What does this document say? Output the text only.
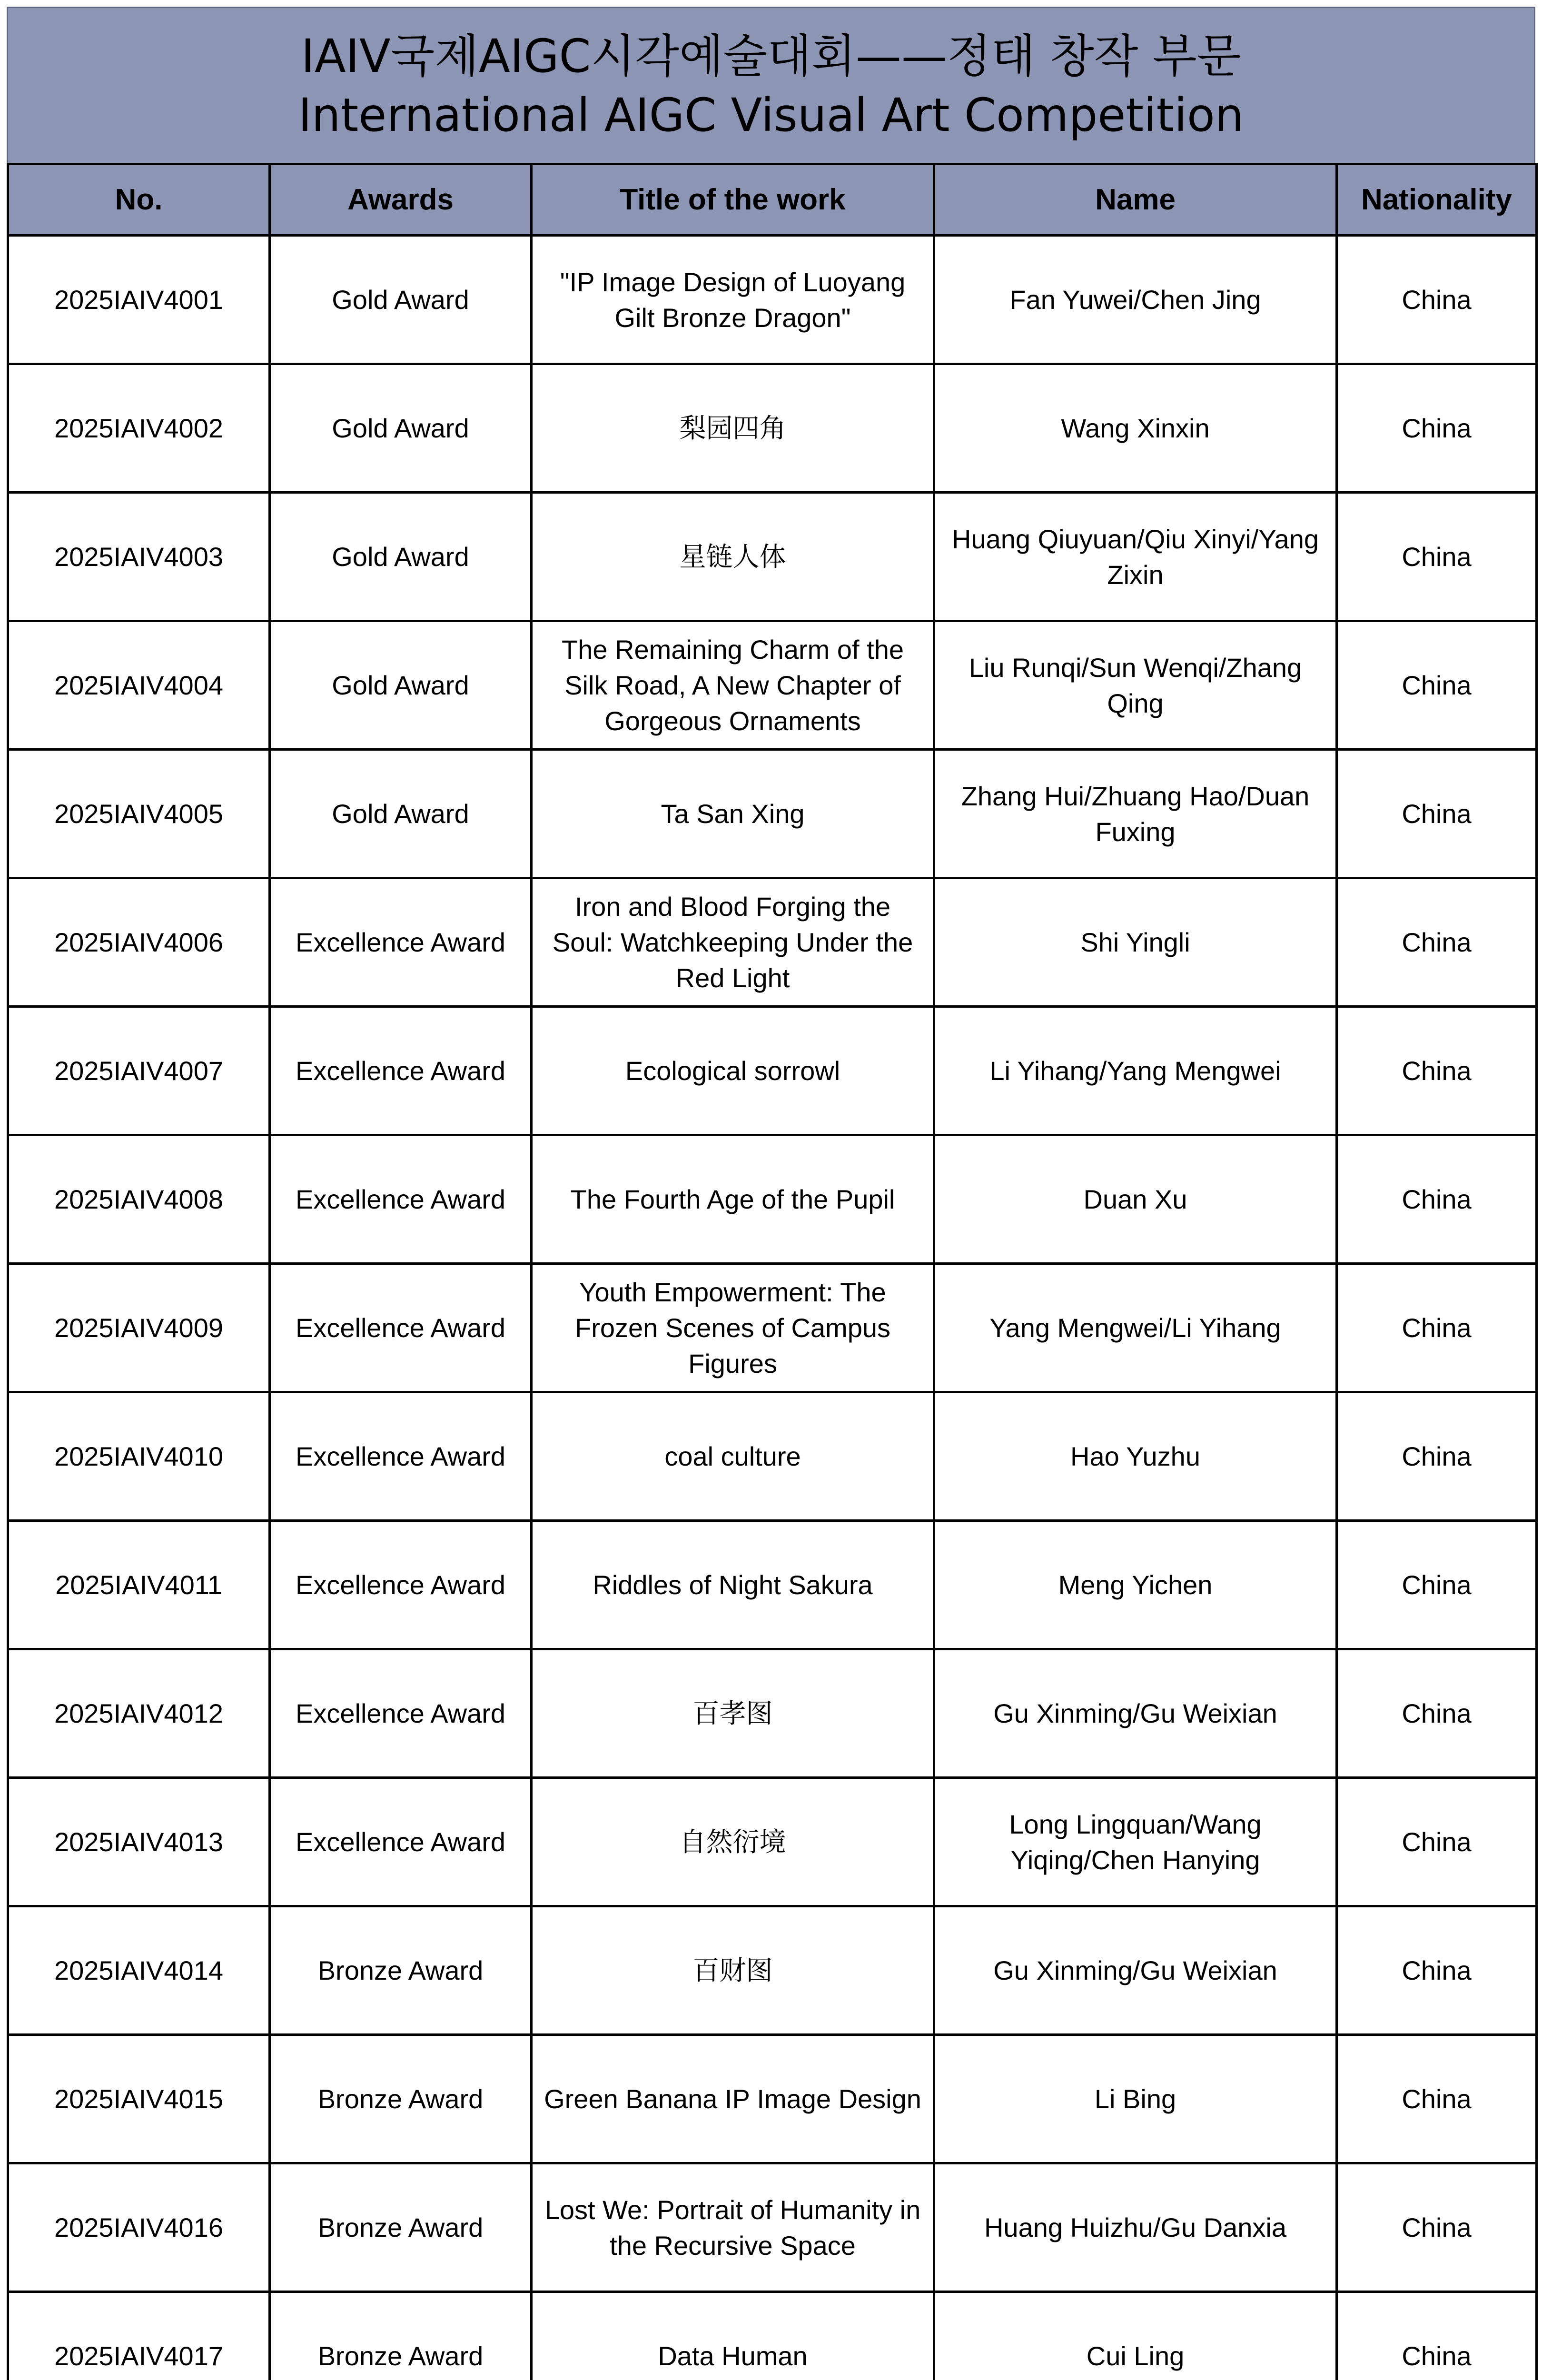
IAIV국제AIGC시각예술대회——정태 창작 부문
International AIGC Visual Art Competition
No.	Awards	Title of the work	Name	Nationality
2025IAIV4001	Gold Award	"IP Image Design of Luoyang Gilt Bronze Dragon"	Fan Yuwei/Chen Jing	China
2025IAIV4002	Gold Award	梨园四角	Wang Xinxin	China
2025IAIV4003	Gold Award	星链人体	Huang Qiuyuan/Qiu Xinyi/Yang Zixin	China
2025IAIV4004	Gold Award	The Remaining Charm of the Silk Road, A New Chapter of Gorgeous Ornaments	Liu Runqi/Sun Wenqi/Zhang Qing	China
2025IAIV4005	Gold Award	Ta San Xing	Zhang Hui/Zhuang Hao/Duan Fuxing	China
2025IAIV4006	Excellence Award	Iron and Blood Forging the Soul: Watchkeeping Under the Red Light	Shi Yingli	China
2025IAIV4007	Excellence Award	Ecological sorrowl	Li Yihang/Yang Mengwei	China
2025IAIV4008	Excellence Award	The Fourth Age of the Pupil	Duan Xu	China
2025IAIV4009	Excellence Award	Youth Empowerment: The Frozen Scenes of Campus Figures	Yang Mengwei/Li Yihang	China
2025IAIV4010	Excellence Award	coal culture	Hao Yuzhu	China
2025IAIV4011	Excellence Award	Riddles of Night Sakura	Meng Yichen	China
2025IAIV4012	Excellence Award	百孝图	Gu Xinming/Gu Weixian	China
2025IAIV4013	Excellence Award	自然衍境	Long Lingquan/Wang Yiqing/Chen Hanying	China
2025IAIV4014	Bronze Award	百财图	Gu Xinming/Gu Weixian	China
2025IAIV4015	Bronze Award	Green Banana IP Image Design	Li Bing	China
2025IAIV4016	Bronze Award	Lost We: Portrait of Humanity in the Recursive Space	Huang Huizhu/Gu Danxia	China
2025IAIV4017	Bronze Award	Data Human	Cui Ling	China
